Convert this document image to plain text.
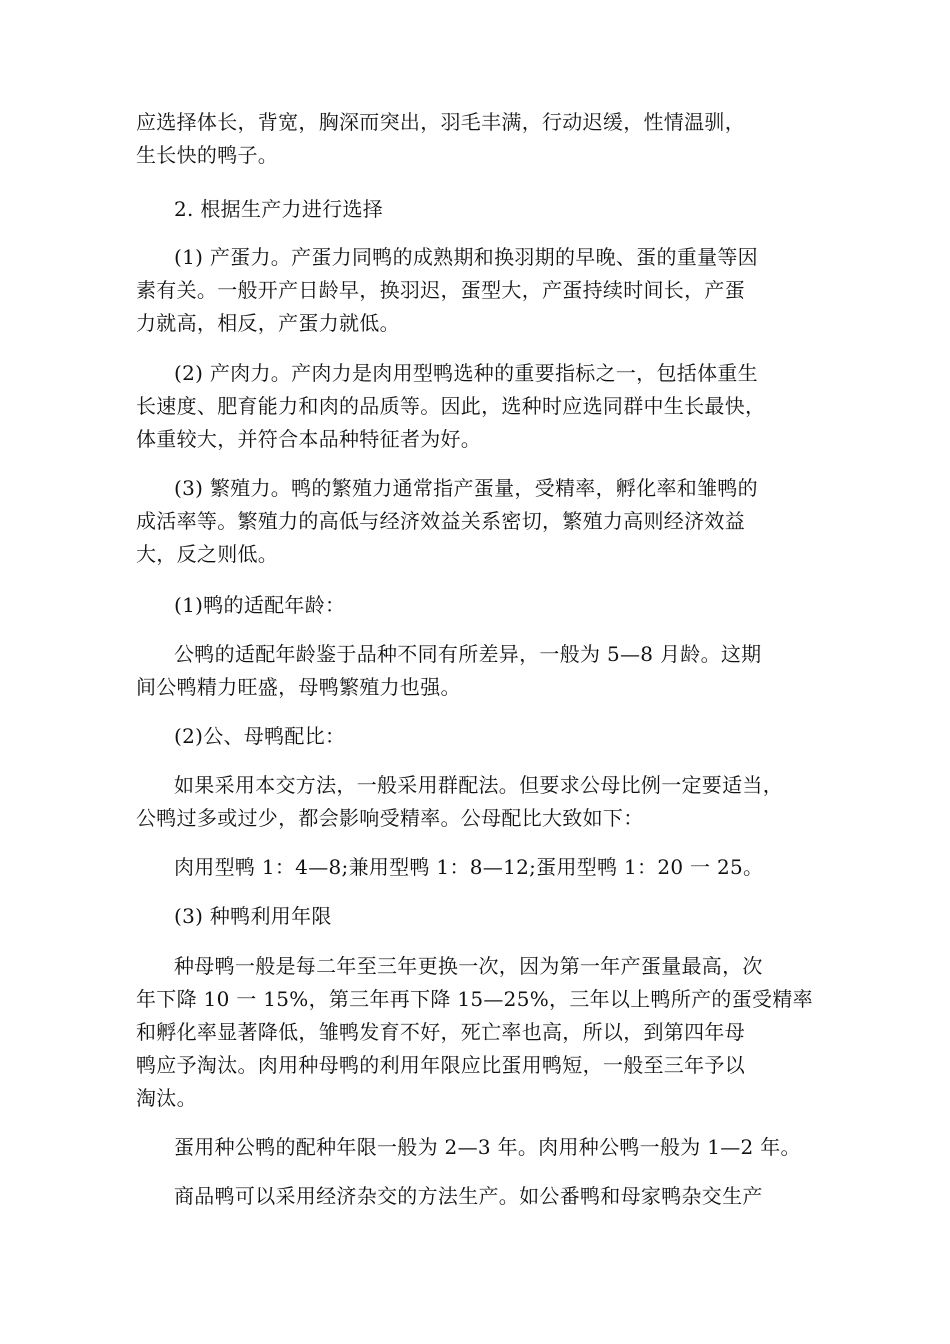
应选择体长，背宽，胸深而突出，羽毛丰满，行动迟缓，性情温驯，
生长快的鸭子。

2. 根据生产力进行选择

(1) 产蛋力。产蛋力同鸭的成熟期和换羽期的早晚、蛋的重量等因
素有关。一般开产日龄早，换羽迟，蛋型大，产蛋持续时间长，产蛋
力就高，相反，产蛋力就低。

(2) 产肉力。产肉力是肉用型鸭选种的重要指标之一，包括体重生
长速度、肥育能力和肉的品质等。因此，选种时应选同群中生长最快，
体重较大，并符合本品种特征者为好。

(3) 繁殖力。鸭的繁殖力通常指产蛋量，受精率，孵化率和雏鸭的
成活率等。繁殖力的高低与经济效益关系密切，繁殖力高则经济效益
大，反之则低。

(1)鸭的适配年龄：

公鸭的适配年龄鉴于品种不同有所差异，一般为 5—8 月龄。这期
间公鸭精力旺盛，母鸭繁殖力也强。

(2)公、母鸭配比：

如果采用本交方法，一般采用群配法。但要求公母比例一定要适当，
公鸭过多或过少，都会影响受精率。公母配比大致如下：

肉用型鸭 1：4—8;兼用型鸭 1：8—12;蛋用型鸭 1：20 一 25。

(3) 种鸭利用年限

种母鸭一般是每二年至三年更换一次，因为第一年产蛋量最高，次
年下降 10 一 15%，第三年再下降 15—25%，三年以上鸭所产的蛋受精率
和孵化率显著降低，雏鸭发育不好，死亡率也高，所以，到第四年母
鸭应予淘汰。肉用种母鸭的利用年限应比蛋用鸭短，一般至三年予以
淘汰。

蛋用种公鸭的配种年限一般为 2—3 年。肉用种公鸭一般为 1—2 年。

商品鸭可以采用经济杂交的方法生产。如公番鸭和母家鸭杂交生产
